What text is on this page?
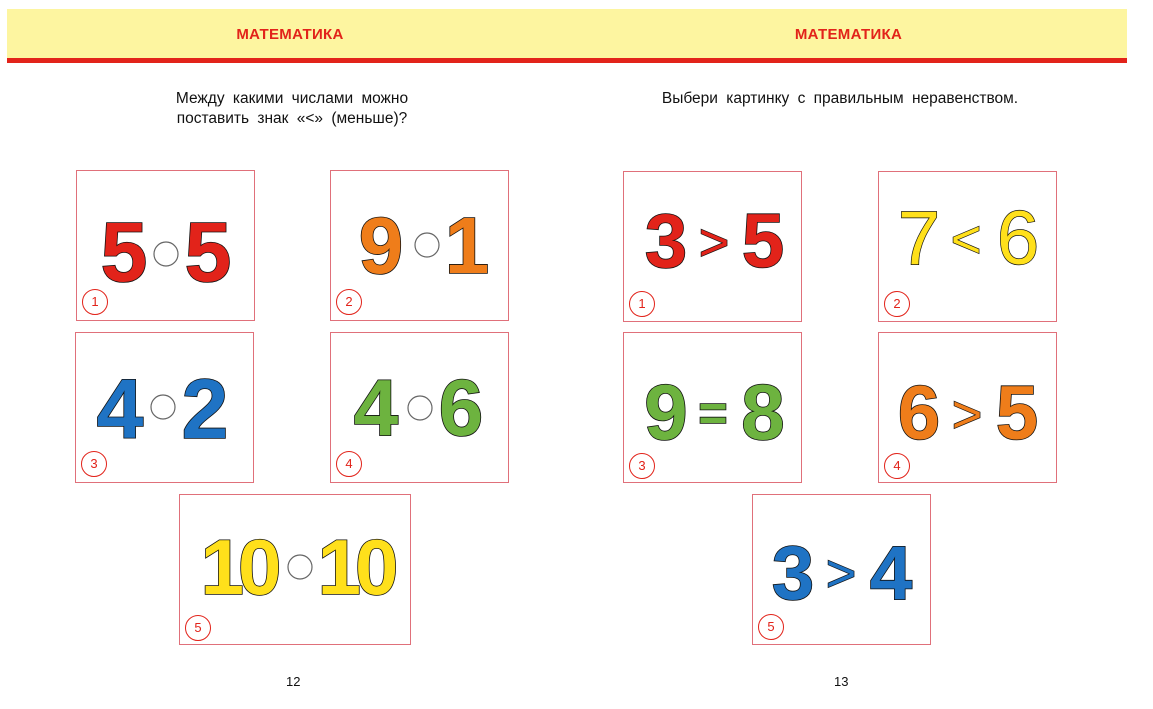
МАТЕМАТИКА	МАТЕМАТИКА
Между какими числами можно
поставить знак «<» (меньше)?
Выбери картинку с правильным неравенством.
5 5
1
9 1
2
4 2
3
4 6
4
10 10
5
3 > 5
1
7 < 6
2
9 = 8
3
6 > 5
4
3 > 4
5
12	13
